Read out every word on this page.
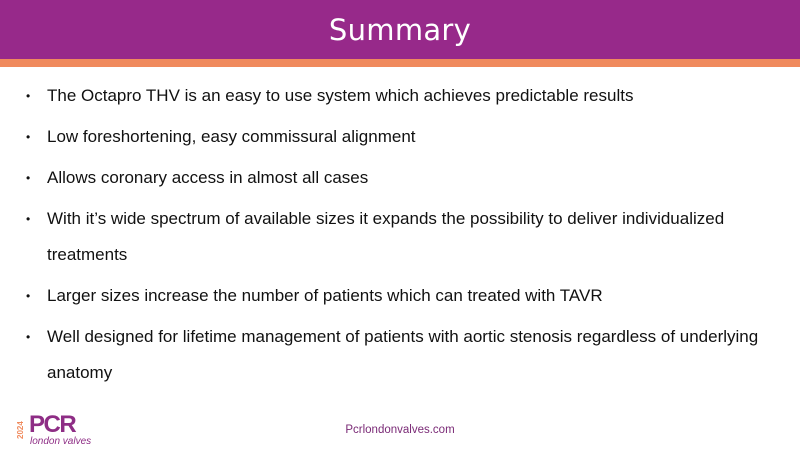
Summary
• The Octapro THV is an easy to use system which achieves predictable results
• Low foreshortening, easy commissural alignment
• Allows coronary access in almost all cases
• With it’s wide spectrum of available sizes it expands the possibility to deliver individualized treatments
• Larger sizes increase the number of patients which can treated with TAVR
• Well designed for lifetime management of patients with aortic stenosis regardless of underlying anatomy
2024 PCR
london valves
Pcrlondonvalves.com
